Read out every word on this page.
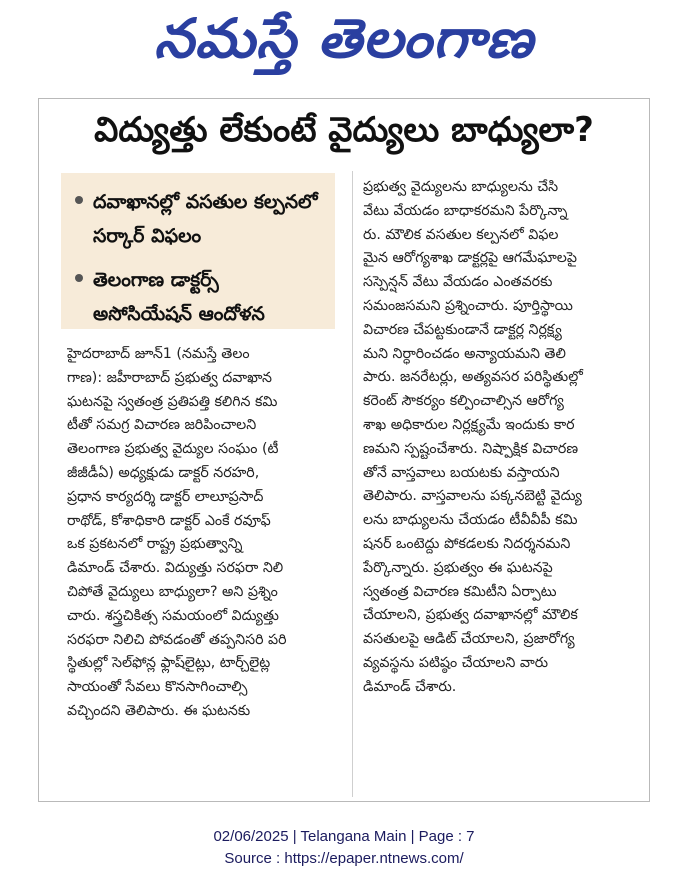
నమస్తే తెలంగాణ
విద్యుత్తు లేకుంటే వైద్యులు బాధ్యులా?
దవాఖానల్లో వసతుల కల్పనలో సర్కార్ విఫలం
తెలంగాణ డాక్టర్స్ అసోసియేషన్ ఆందోళన
హైదరాబాద్ జూన్1 (నమస్తే తెలం
గాణ): జహీరాబాద్ ప్రభుత్వ దవాఖాన
ఘటనపై స్వతంత్ర ప్రతిపత్తి కలిగిన కమి
టీతో సమగ్ర విచారణ జరిపించాలని
తెలంగాణ ప్రభుత్వ వైద్యుల సంఘం (టీ
జీజీడీఏ) అధ్యక్షుడు డాక్టర్ నరహరి,
ప్రధాన కార్యదర్శి డాక్టర్ లాలూప్రసాద్
రాథోడ్, కోశాధికారి డాక్టర్ ఎంకే రవూఫ్
ఒక ప్రకటనలో రాష్ట్ర ప్రభుత్వాన్ని
డిమాండ్ చేశారు. విద్యుత్తు సరఫరా నిలి
చిపోతే వైద్యులు బాధ్యులా? అని ప్రశ్నిం
చారు. శస్త్రచికిత్స సమయంలో విద్యుత్తు
సరఫరా నిలిచి పోవడంతో తప్పనిసరి పరి
స్థితుల్లో సెల్‌ఫోన్ల ఫ్లాష్‌లైట్లు, టార్చ్‌లైట్ల
సాయంతో సేవలు కొనసాగించాల్సి
వచ్చిందని తెలిపారు. ఈ ఘటనకు
ప్రభుత్వ వైద్యులను బాధ్యులను చేసి
వేటు వేయడం బాధాకరమని పేర్కొన్నా
రు. మౌలిక వసతుల కల్పనలో విఫల
మైన ఆరోగ్యశాఖ డాక్టర్లపై ఆగమేఘాలపై
సస్పెన్షన్ వేటు వేయడం ఎంతవరకు
సమంజసమని ప్రశ్నించారు. పూర్తిస్థాయి
విచారణ చేపట్టకుండానే డాక్టర్ల నిర్లక్ష్య
మని నిర్ధారించడం అన్యాయమని తెలి
పారు. జనరేటర్లు, అత్యవసర పరిస్థితుల్లో
కరెంట్ సౌకర్యం కల్పించాల్సిన ఆరోగ్య
శాఖ అధికారుల నిర్లక్ష్యమే ఇందుకు కార
ణమని స్పష్టంచేశారు. నిష్పాక్షిక విచారణ
తోనే వాస్తవాలు బయటకు వస్తాయని
తెలిపారు. వాస్తవాలను పక్కనబెట్టి వైద్యు
లను బాధ్యులను చేయడం టీవీవీపీ కమి
షనర్ ఒంటెద్దు పోకడలకు నిదర్శనమని
పేర్కొన్నారు. ప్రభుత్వం ఈ ఘటనపై
స్వతంత్ర విచారణ కమిటీని ఏర్పాటు
చేయాలని, ప్రభుత్వ దవాఖానల్లో మౌలిక
వసతులపై ఆడిట్ చేయాలని, ప్రజారోగ్య
వ్యవస్థను పటిష్ఠం చేయాలని వారు
డిమాండ్ చేశారు.
02/06/2025 | Telangana Main | Page : 7
Source : https://epaper.ntnews.com/
